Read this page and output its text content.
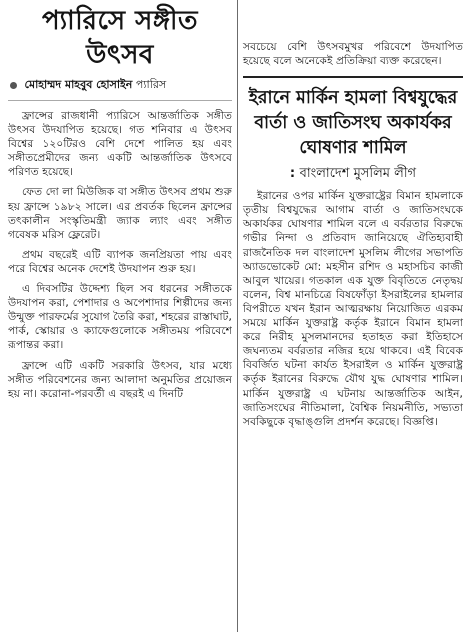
প্যারিসে সঙ্গীত উৎসব
মোহাম্মদ মাহবুব হোসাইন প্যারিস

ফ্রান্সের রাজধানী প্যারিসে আন্তর্জাতিক সঙ্গীত উৎসব উদযাপিত হয়েছে। গত শনিবার এ উৎসব বিশ্বের ১২০টিরও বেশি দেশে পালিত হয় এবং সঙ্গীতপ্রেমীদের জন্য একটি আন্তর্জাতিক উৎসবে পরিণত হয়েছে।

ফেত দো লা মিউজিক বা সঙ্গীত উৎসব প্রথম শুরু হয় ফ্রান্সে ১৯৮২ সালে। এর প্রবর্তক ছিলেন ফ্রান্সের তৎকালীন সংস্কৃতিমন্ত্রী জ্যাক ল্যাং এবং সঙ্গীত গবেষক মরিস ফ্লেরেট।

প্রথম বছরেই এটি ব্যাপক জনপ্রিয়তা পায় এবং পরে বিশ্বের অনেক দেশেই উদযাপন শুরু হয়।

এ দিবসটির উদ্দেশ্য ছিল সব ধরনের সঙ্গীতকে উদযাপন করা, পেশাদার ও অপেশাদার শিল্পীদের জন্য উন্মুক্ত পারফর্মের সুযোগ তৈরি করা, শহরের রাস্তাঘাট, পার্ক, স্কোয়ার ও ক্যাফেগুলোকে সঙ্গীতময় পরিবেশে রূপান্তর করা।

ফ্রান্সে এটি একটি সরকারি উৎসব, যার মধ্যে সঙ্গীত পরিবেশনের জন্য আলাদা অনুমতির প্রয়োজন হয় না। করোনা-পরবর্তী এ বছরই এ দিনটি

সবচেয়ে বেশি উৎসবমুখর পরিবেশে উদযাপিত হয়েছে বলে অনেকেই প্রতিক্রিয়া ব্যক্ত করেছেন।

ইরানে মার্কিন হামলা বিশ্বযুদ্ধের বার্তা ও জাতিসংঘ অকার্যকর ঘোষণার শামিল
: বাংলাদেশ মুসলিম লীগ

ইরানের ওপর মার্কিন যুক্তরাষ্ট্রের বিমান হামলাকে তৃতীয় বিশ্বযুদ্ধের আগাম বার্তা ও জাতিসংঘকে অকার্যকর ঘোষণার শামিল বলে এ বর্বরতার বিরুদ্ধে গভীর নিন্দা ও প্রতিবাদ জানিয়েছে ঐতিহ্যবাহী রাজনৈতিক দল বাংলাদেশ মুসলিম লীগের সভাপতি অ্যাডভোকেট মো: মহসীন রশিদ ও মহাসচিব কাজী আবুল খায়ের। গতকাল এক যুক্ত বিবৃতিতে নেতৃদ্বয় বলেন, বিশ্ব মানচিত্রে বিষফোঁড়া ইসরাইলের হামলার বিপরীতে যখন ইরান আত্মরক্ষায় নিয়োজিত এরকম সময়ে মার্কিন যুক্তরাষ্ট্র কর্তৃক ইরানে বিমান হামলা করে নিরীহ মুসলমানদের হতাহত করা ইতিহাসে জঘন্যতম বর্বরতার নজির হয়ে থাকবে। এই বিবেক বিবর্জিত ঘটনা কার্যত ইসরাইল ও মার্কিন যুক্তরাষ্ট্র কর্তৃক ইরানের বিরুদ্ধে যৌথ যুদ্ধ ঘোষণার শামিল। মার্কিন যুক্তরাষ্ট্র এ ঘটনায় আন্তর্জাতিক আইন, জাতিসংঘের নীতিমালা, বৈশ্বিক নিয়মনীতি, সভ্যতা সবকিছুকে বৃদ্ধাঙ্গুলি প্রদর্শন করেছে। বিজ্ঞপ্তি।
